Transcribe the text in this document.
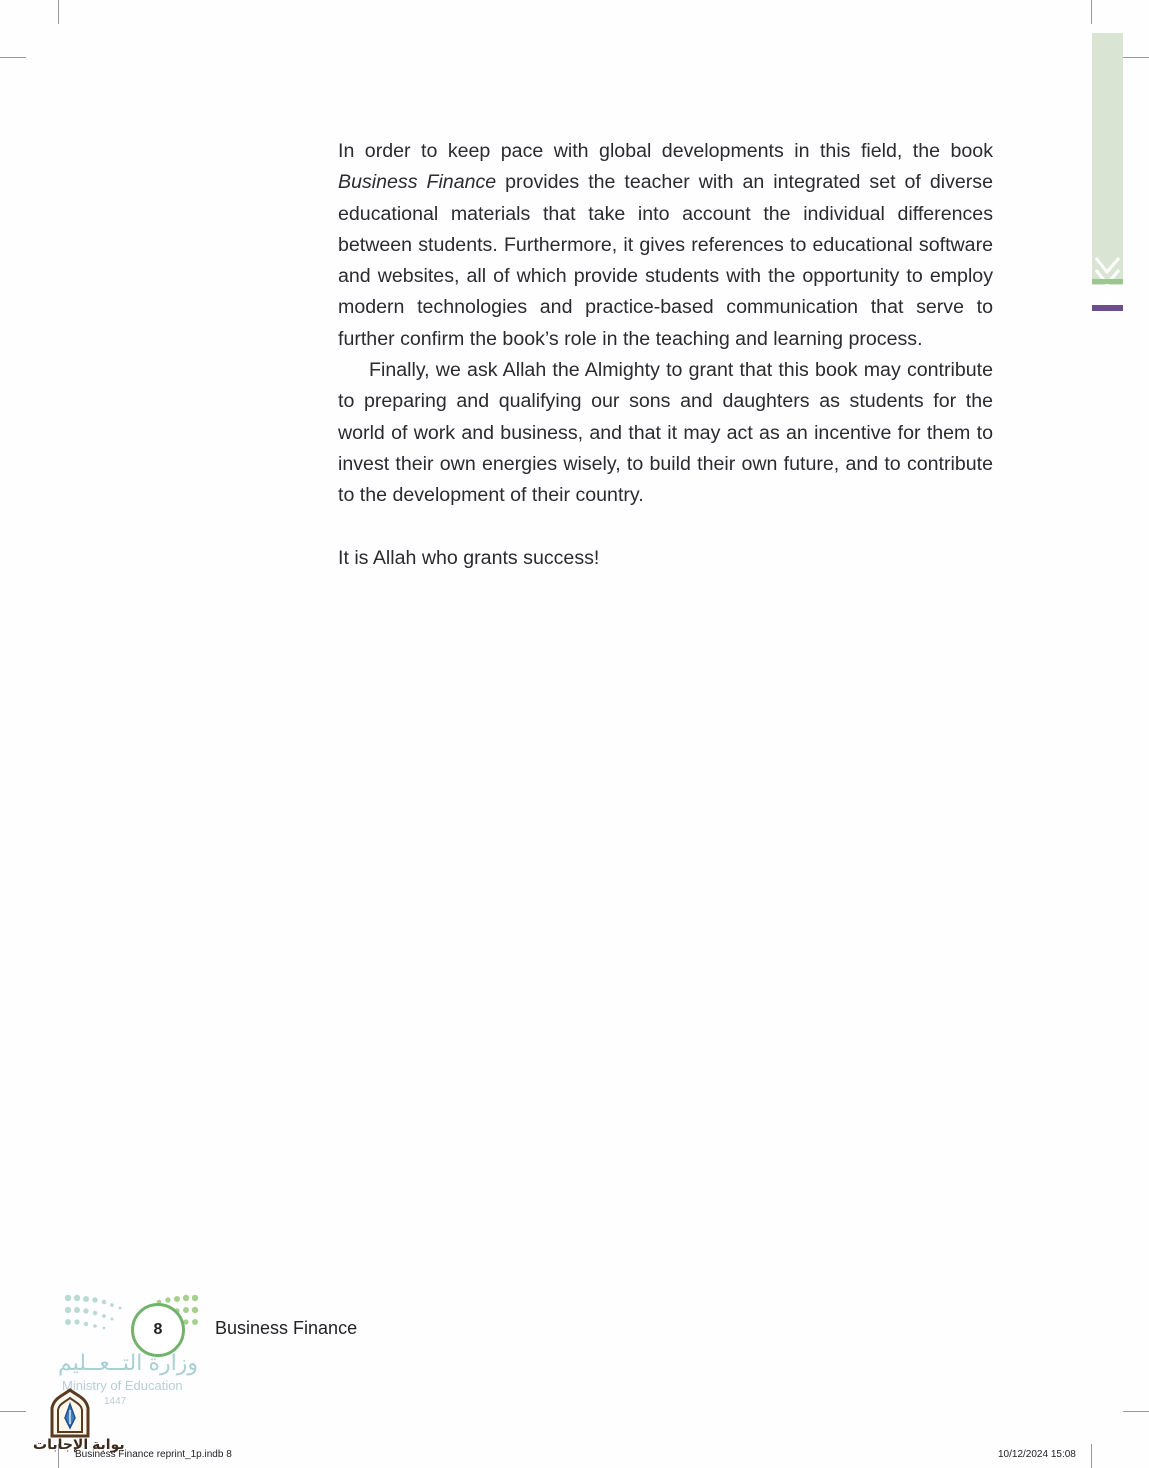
In order to keep pace with global developments in this field, the book Business Finance provides the teacher with an integrated set of diverse educational materials that take into account the individual differences between students. Furthermore, it gives references to educational software and websites, all of which provide students with the opportunity to employ modern technologies and practice-based communication that serve to further confirm the book’s role in the teaching and learning process.

Finally, we ask Allah the Almighty to grant that this book may contribute to preparing and qualifying our sons and daughters as students for the world of work and business, and that it may act as an incentive for them to invest their own energies wisely, to build their own future, and to contribute to the development of their country.

It is Allah who grants success!

8	Business Finance
وزارة التــعــليم
Ministry of Education
1447
بوابة الإجابات
Business Finance reprint_1p.indb 8	10/12/2024 15:08
